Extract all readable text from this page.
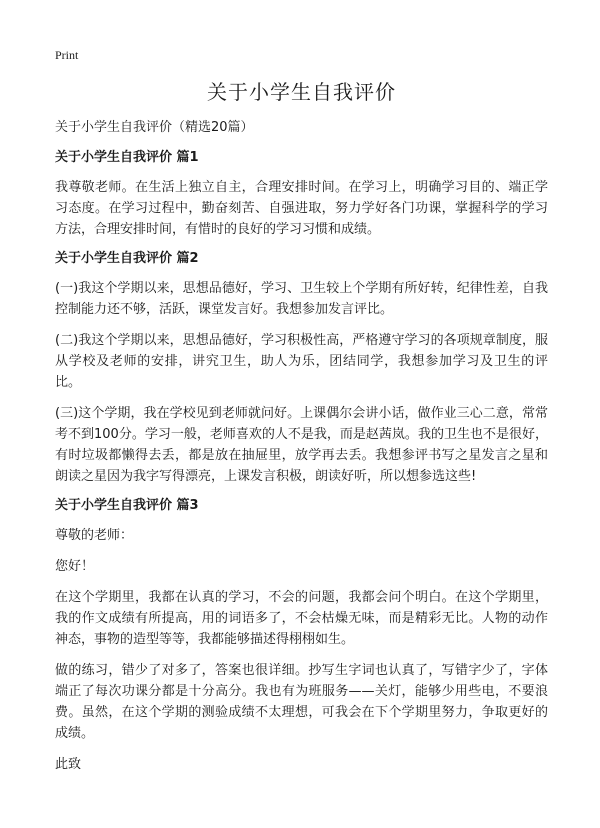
Print
关于小学生自我评价
关于小学生自我评价（精选20篇）
关于小学生自我评价 篇1

我尊敬老师。在生活上独立自主，合理安排时间。在学习上，明确学习目的、端正学习态度。在学习过程中，勤奋刻苦、自强进取，努力学好各门功课，掌握科学的学习方法，合理安排时间，有惜时的良好的学习习惯和成绩。

关于小学生自我评价 篇2

(一)我这个学期以来，思想品德好，学习、卫生较上个学期有所好转，纪律性差，自我控制能力还不够，活跃，课堂发言好。我想参加发言评比。

(二)我这个学期以来，思想品德好，学习积极性高，严格遵守学习的各项规章制度，服从学校及老师的安排，讲究卫生，助人为乐，团结同学，我想参加学习及卫生的评比。

(三)这个学期，我在学校见到老师就问好。上课偶尔会讲小话，做作业三心二意，常常考不到100分。学习一般，老师喜欢的人不是我，而是赵茜岚。我的卫生也不是很好，有时垃圾都懒得去丢，都是放在抽屉里，放学再去丢。我想参评书写之星发言之星和朗读之星因为我字写得漂亮，上课发言积极，朗读好听，所以想参选这些!

关于小学生自我评价 篇3

尊敬的老师：

您好！

在这个学期里，我都在认真的学习，不会的问题，我都会问个明白。在这个学期里，我的作文成绩有所提高，用的词语多了，不会枯燥无味，而是精彩无比。人物的动作神态，事物的造型等等，我都能够描述得栩栩如生。

做的练习，错少了对多了，答案也很详细。抄写生字词也认真了，写错字少了，字体端正了每次功课分都是十分高分。我也有为班服务——关灯，能够少用些电，不要浪费。虽然，在这个学期的测验成绩不太理想，可我会在下个学期里努力，争取更好的成绩。

此致
